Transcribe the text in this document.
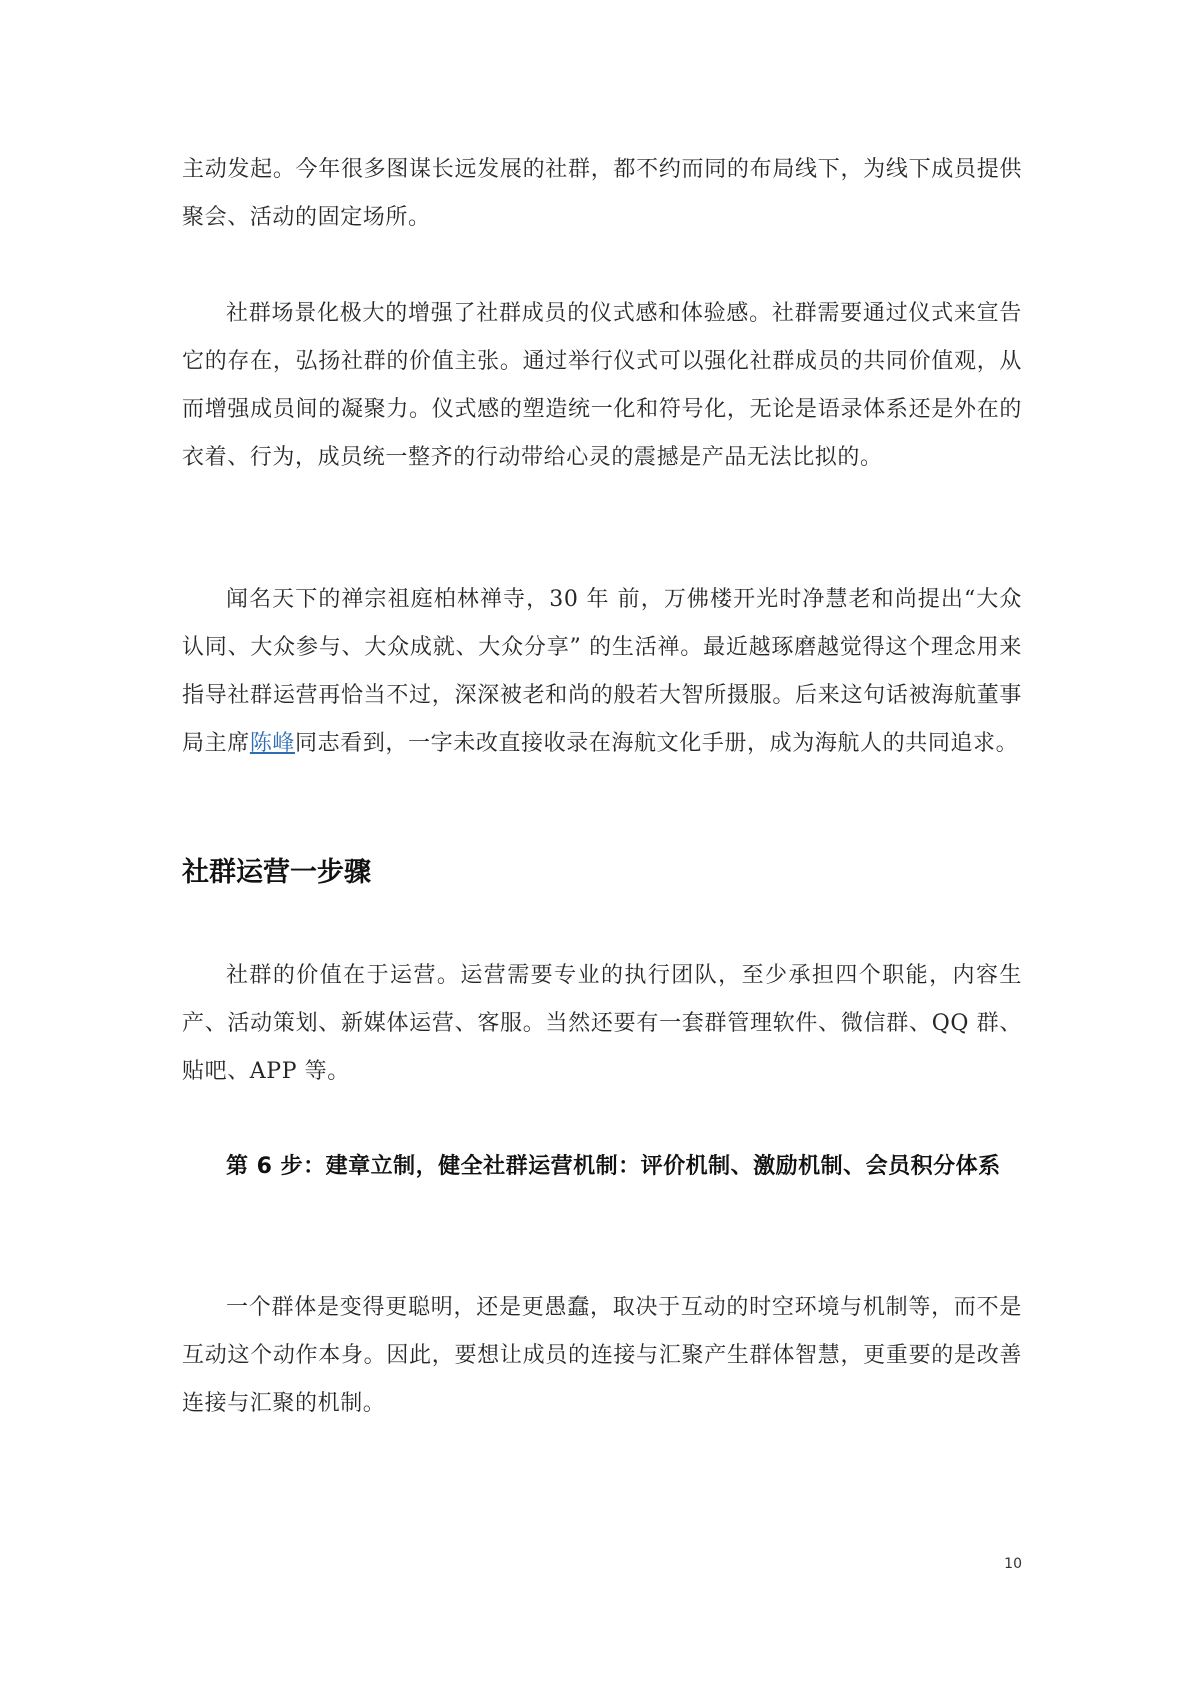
主动发起。今年很多图谋长远发展的社群，都不约而同的布局线下，为线下成员提供聚会、活动的固定场所。

社群场景化极大的增强了社群成员的仪式感和体验感。社群需要通过仪式来宣告它的存在，弘扬社群的价值主张。通过举行仪式可以强化社群成员的共同价值观，从而增强成员间的凝聚力。仪式感的塑造统一化和符号化，无论是语录体系还是外在的衣着、行为，成员统一整齐的行动带给心灵的震撼是产品无法比拟的。

闻名天下的禅宗祖庭柏林禅寺，30 年 前，万佛楼开光时净慧老和尚提出“大众认同、大众参与、大众成就、大众分享” 的生活禅。最近越琢磨越觉得这个理念用来指导社群运营再恰当不过，深深被老和尚的般若大智所摄服。后来这句话被海航董事局主席陈峰同志看到，一字未改直接收录在海航文化手册，成为海航人的共同追求。

社群运营一步骤

社群的价值在于运营。运营需要专业的执行团队，至少承担四个职能，内容生产、活动策划、新媒体运营、客服。当然还要有一套群管理软件、微信群、QQ 群、贴吧、APP 等。

第 6 步：建章立制，健全社群运营机制：评价机制、激励机制、会员积分体系

一个群体是变得更聪明，还是更愚蠢，取决于互动的时空环境与机制等，而不是互动这个动作本身。因此，要想让成员的连接与汇聚产生群体智慧，更重要的是改善连接与汇聚的机制。

10
